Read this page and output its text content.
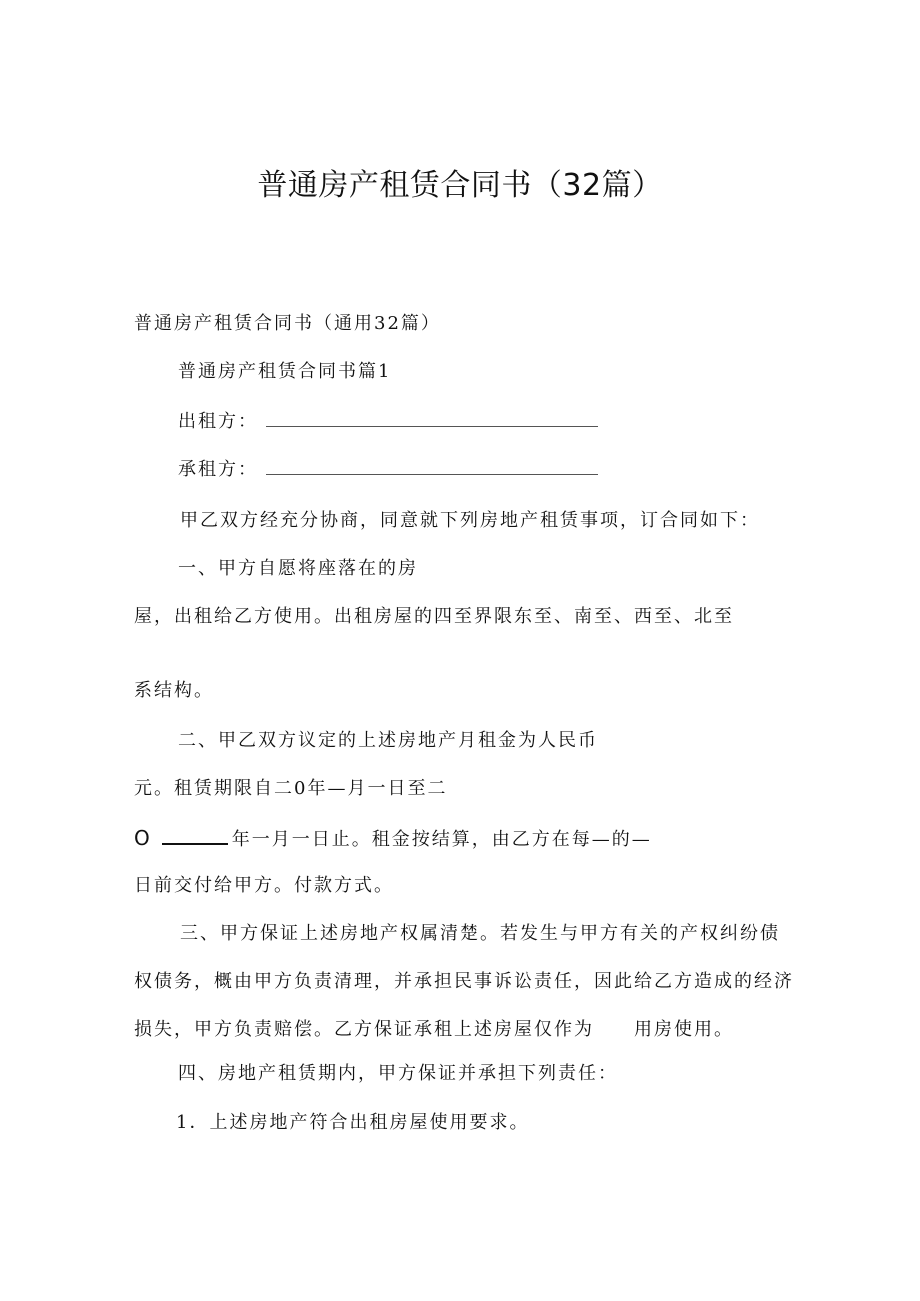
普通房产租赁合同书（32篇）
普通房产租赁合同书（通用32篇）
普通房产租赁合同书篇1
出租方：
承租方：
甲乙双方经充分协商，同意就下列房地产租赁事项，订合同如下：
一、甲方自愿将座落在的房
屋，出租给乙方使用。出租房屋的四至界限东至、南至、西至、北至
系结构。
二、甲乙双方议定的上述房地产月租金为人民币
元。租赁期限自二0年—月一日至二
O	年一月一日止。租金按结算，由乙方在每—的—
日前交付给甲方。付款方式。
三、甲方保证上述房地产权属清楚。若发生与甲方有关的产权纠纷债
权债务，概由甲方负责清理，并承担民事诉讼责任，因此给乙方造成的经济
损失，甲方负责赔偿。乙方保证承租上述房屋仅作为 用房使用。
四、房地产租赁期内，甲方保证并承担下列责任：
1．上述房地产符合出租房屋使用要求。
